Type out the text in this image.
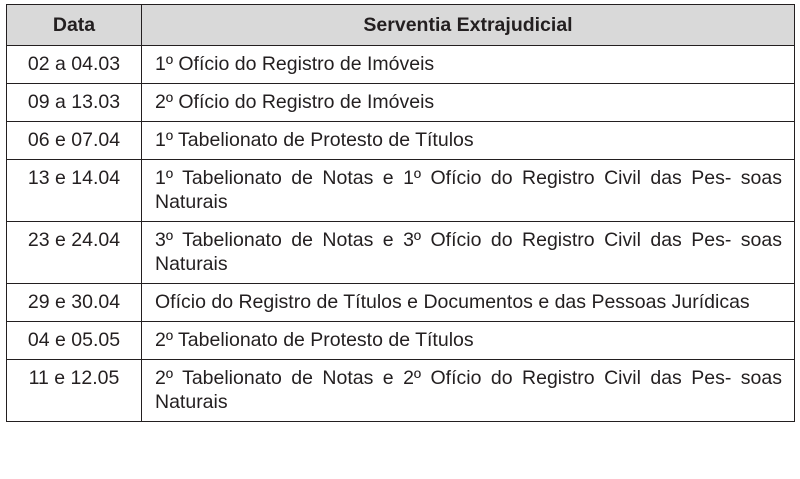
Data	Serventia Extrajudicial
02 a 04.03	1º Ofício do Registro de Imóveis
09 a 13.03	2º Ofício do Registro de Imóveis
06 e 07.04	1º Tabelionato de Protesto de Títulos
13 e 14.04	1º Tabelionato de Notas e 1º Ofício do Registro Civil das Pes- soas Naturais
23 e 24.04	3º Tabelionato de Notas e 3º Ofício do Registro Civil das Pes- soas Naturais
29 e 30.04	Ofício do Registro de Títulos e Documentos e das Pessoas Jurídicas
04 e 05.05	2º Tabelionato de Protesto de Títulos
11 e 12.05	2º Tabelionato de Notas e 2º Ofício do Registro Civil das Pes- soas Naturais
